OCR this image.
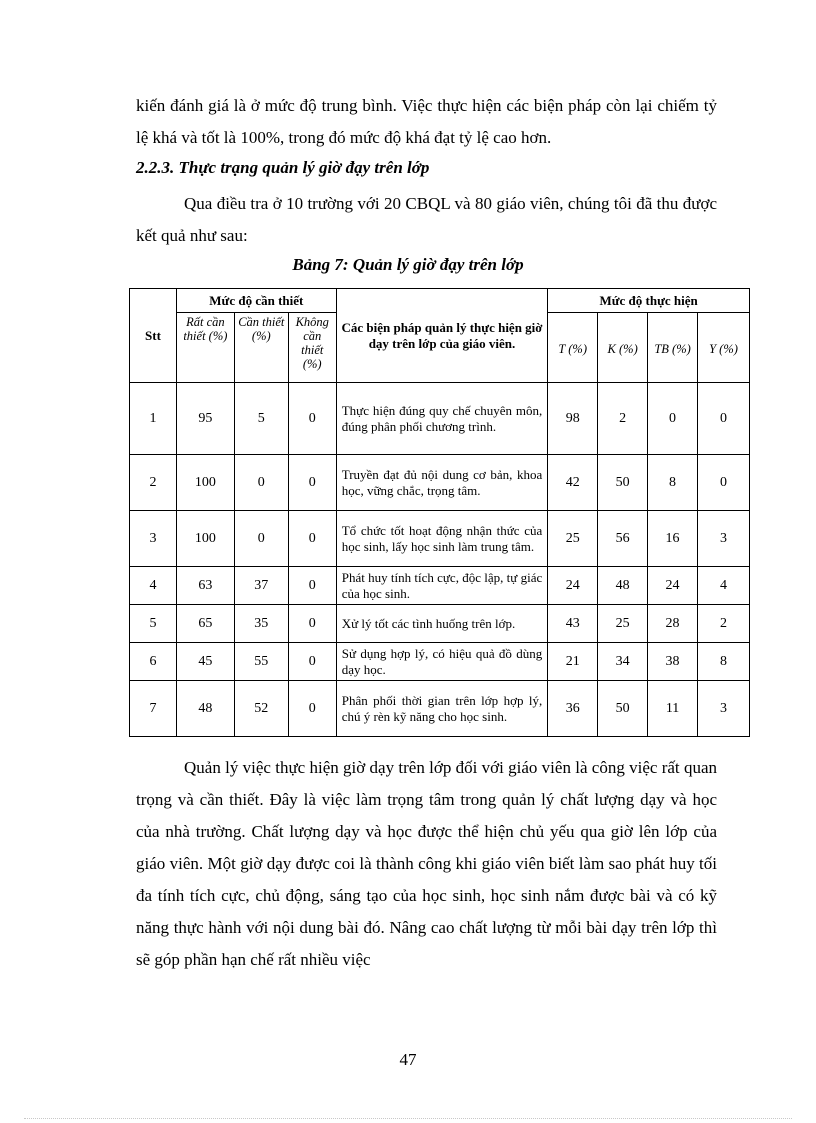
kiến đánh giá là ở mức độ trung bình. Việc thực hiện các biện pháp còn lại chiếm tỷ lệ khá và tốt là 100%, trong đó mức độ khá đạt tỷ lệ cao hơn.

2.2.3. Thực trạng quản lý giờ đạy trên lớp

Qua điều tra ở 10 trường với 20 CBQL và 80 giáo viên, chúng tôi đã thu được kết quả như sau:

Bảng 7: Quản lý giờ đạy trên lớp

Stt	Mức độ cần thiết			Các biện pháp quản lý thực hiện giờ dạy trên lớp của giáo viên.	Mức độ thực hiện			
	Rất cần thiết (%)	Cần thiết (%)	Không cần thiết (%)		T (%)	K (%)	TB (%)	Y (%)
1	95	5	0	Thực hiện đúng quy chế chuyên môn, đúng phân phối chương trình.	98	2	0	0
2	100	0	0	Truyền đạt đủ nội dung cơ bản, khoa học, vững chắc, trọng tâm.	42	50	8	0
3	100	0	0	Tổ chức tốt hoạt động nhận thức của học sinh, lấy học sinh làm trung tâm.	25	56	16	3
4	63	37	0	Phát huy tính tích cực, độc lập, tự giác của học sinh.	24	48	24	4
5	65	35	0	Xử lý tốt các tình huống trên lớp.	43	25	28	2
6	45	55	0	Sử dụng hợp lý, có hiệu quả đồ dùng dạy học.	21	34	38	8
7	48	52	0	Phân phối thời gian trên lớp hợp lý, chú ý rèn kỹ năng cho học sinh.	36	50	11	3

Quản lý việc thực hiện giờ dạy trên lớp đối với giáo viên là công việc rất quan trọng và cần thiết. Đây là việc làm trọng tâm trong quản lý chất lượng dạy và học của nhà trường. Chất lượng dạy và học được thể hiện chủ yếu qua giờ lên lớp của giáo viên. Một giờ dạy được coi là thành công khi giáo viên biết làm sao phát huy tối đa tính tích cực, chủ động, sáng tạo của học sinh, học sinh nắm được bài và có kỹ năng thực hành với nội dung bài đó. Nâng cao chất lượng từ mỗi bài dạy trên lớp thì sẽ góp phần hạn chế rất nhiều việc

47
